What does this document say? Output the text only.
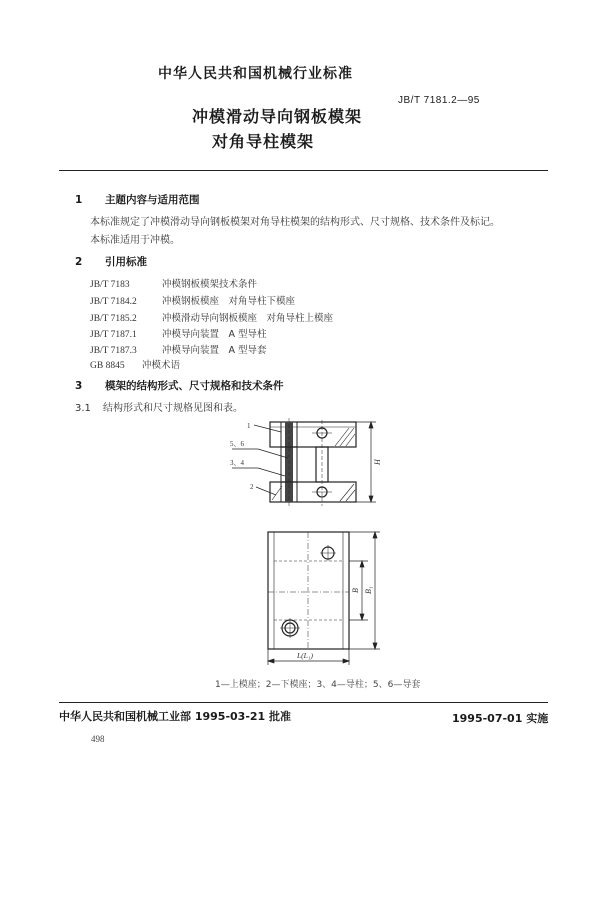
中华人民共和国机械行业标准
JB/T 7181.2—95
冲模滑动导向钢板模架
对角导柱模架
1 主题内容与适用范围
本标准规定了冲模滑动导向钢板模架对角导柱模架的结构形式、尺寸规格、技术条件及标记。
本标准适用于冲模。
2 引用标准
JB/T 7183	冲模钢板模架技术条件
JB/T 7184.2	冲模钢板模座　对角导柱下模座
JB/T 7185.2	冲模滑动导向钢板模座　对角导柱上模座
JB/T 7187.1	冲模导向装置　A 型导柱
JB/T 7187.3	冲模导向装置　A 型导套
GB 8845 冲模术语
3 模架的结构形式、尺寸规格和技术条件
3.1 结构形式和尺寸规格见图和表。
1
5、6
3、4
2
H
B B₁
L(L₁)
1—上模座；2—下模座；3、4—导柱；5、6—导套
中华人民共和国机械工业部 1995-03-21 批准	1995-07-01 实施
498
